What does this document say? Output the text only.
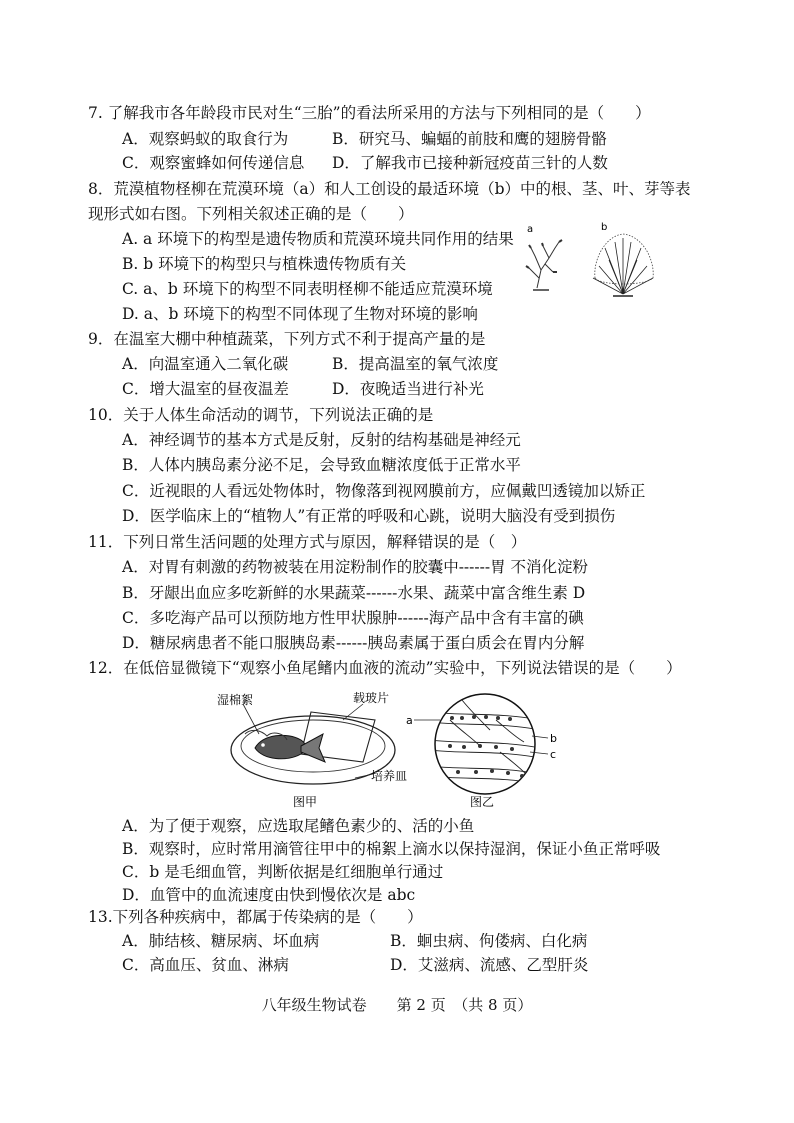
7. 了解我市各年龄段市民对生“三胎”的看法所采用的方法与下列相同的是（　　）
A．观察蚂蚁的取食行为	B．研究马、蝙蝠的前肢和鹰的翅膀骨骼
C．观察蜜蜂如何传递信息 D．了解我市已接种新冠疫苗三针的人数
8．荒漠植物柽柳在荒漠环境（a）和人工创设的最适环境（b）中的根、茎、叶、芽等表
现形式如右图。下列相关叙述正确的是（　　）
A. a 环境下的构型是遗传物质和荒漠环境共同作用的结果
B. b 环境下的构型只与植株遗传物质有关
C. a、b 环境下的构型不同表明柽柳不能适应荒漠环境
D. a、b 环境下的构型不同体现了生物对环境的影响
a	b
9．在温室大棚中种植蔬菜，下列方式不利于提高产量的是
A．向温室通入二氧化碳	B．提高温室的氧气浓度
C．增大温室的昼夜温差	D．夜晚适当进行补光
10．关于人体生命活动的调节，下列说法正确的是
A．神经调节的基本方式是反射，反射的结构基础是神经元
B．人体内胰岛素分泌不足，会导致血糖浓度低于正常水平
C．近视眼的人看远处物体时，物像落到视网膜前方，应佩戴凹透镜加以矫正
D．医学临床上的“植物人”有正常的呼吸和心跳，说明大脑没有受到损伤
11．下列日常生活问题的处理方式与原因，解释错误的是（　）
A．对胃有刺激的药物被装在用淀粉制作的胶囊中------胃 不消化淀粉
B．牙龈出血应多吃新鲜的水果蔬菜------水果、蔬菜中富含维生素 D
C．多吃海产品可以预防地方性甲状腺肿------海产品中含有丰富的碘
D．糖尿病患者不能口服胰岛素------胰岛素属于蛋白质会在胃内分解
12．在低倍显微镜下“观察小鱼尾鳍内血液的流动”实验中，下列说法错误的是（　　）
湿棉絮	载玻片
培养皿
图甲
a
b
c
图乙
A．为了便于观察，应选取尾鳍色素少的、活的小鱼
B．观察时，应时常用滴管往甲中的棉絮上滴水以保持湿润，保证小鱼正常呼吸
C．b 是毛细血管，判断依据是红细胞单行通过
D．血管中的血流速度由快到慢依次是 abc
13.下列各种疾病中，都属于传染病的是（　　）
A．肺结核、糖尿病、坏血病	B．蛔虫病、佝偻病、白化病
C．高血压、贫血、淋病	D．艾滋病、流感、乙型肝炎
八年级生物试卷　　第 2 页　（共 8 页）
